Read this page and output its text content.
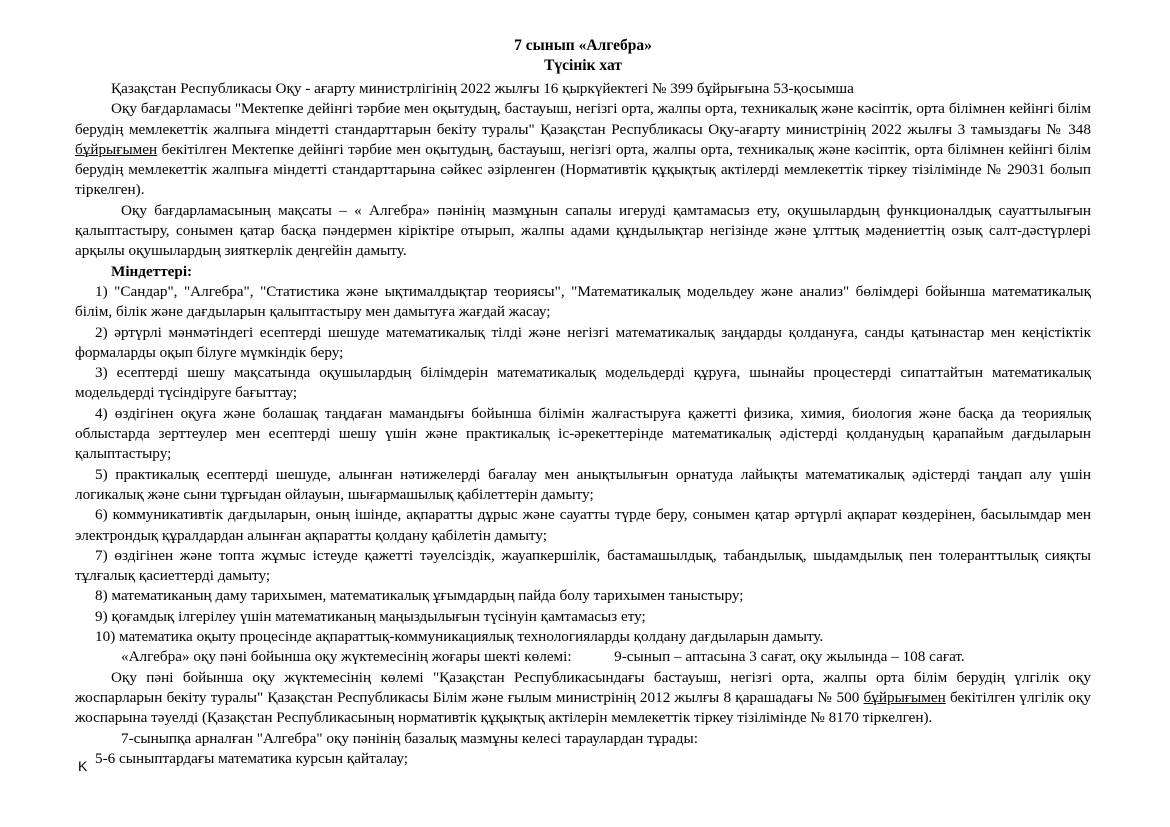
7 сынып «Алгебра»
Түсінік хат

Қазақстан Республикасы Оқу - ағарту министрлігінің 2022 жылғы 16 қыркүйектегі № 399 бұйрығына 53-қосымша

Оқу бағдарламасы "Мектепке дейінгі тәрбие мен оқытудың, бастауыш, негізгі орта, жалпы орта, техникалық және кәсіптік, орта білімнен кейінгі білім берудің мемлекеттік жалпыға міндетті стандарттарын бекіту туралы" Қазақстан Республикасы Оқу-ағарту министрінің 2022 жылғы 3 тамыздағы № 348 бұйрығымен бекітілген Мектепке дейінгі тәрбие мен оқытудың, бастауыш, негізгі орта, жалпы орта, техникалық және кәсіптік, орта білімнен кейінгі білім берудің мемлекеттік жалпыға міндетті стандарттарына сәйкес әзірленген (Нормативтік құқықтық актілерді мемлекеттік тіркеу тізілімінде № 29031 болып тіркелген).

Оқу бағдарламасының мақсаты – « Алгебра» пәнінің мазмұнын сапалы игеруді қамтамасыз ету, оқушылардың функционалдық сауаттылығын қалыптастыру, сонымен қатар басқа пәндермен кіріктіре отырып, жалпы адами құндылықтар негізінде және ұлттық мәдениеттің озық салт-дәстүрлері арқылы оқушылардың зияткерлік деңгейін дамыту.

Міндеттері:

1) "Сандар", "Алгебра", "Статистика және ықтималдықтар теориясы", "Математикалық модельдеу және анализ" бөлімдері бойынша математикалық білім, білік және дағдыларын қалыптастыру мен дамытуға жағдай жасау;

2) әртүрлі мәнмәтіндегі есептерді шешуде математикалық тілді және негізгі математикалық заңдарды қолдануға, санды қатынастар мен кеңістіктік формаларды оқып білуге мүмкіндік беру;

3) есептерді шешу мақсатында оқушылардың білімдерін математикалық модельдерді құруға, шынайы процестерді сипаттайтын математикалық модельдерді түсіндіруге бағыттау;

4) өздігінен оқуға және болашақ таңдаған мамандығы бойынша білімін жалғастыруға қажетті физика, химия, биология және басқа да теориялық облыстарда зерттеулер мен есептерді шешу үшін және практикалық іс-әрекеттерінде математикалық әдістерді қолданудың қарапайым дағдыларын қалыптастыру;

5) практикалық есептерді шешуде, алынған нәтижелерді бағалау мен анықтылығын орнатуда лайықты математикалық әдістерді таңдап алу үшін логикалық және сыни тұрғыдан ойлауын, шығармашылық қабілеттерін дамыту;

6) коммуникативтік дағдыларын, оның ішінде, ақпаратты дұрыс және сауатты түрде беру, сонымен қатар әртүрлі ақпарат көздерінен, басылымдар мен электрондық құралдардан алынған ақпаратты қолдану қабілетін дамыту;

7) өздігінен және топта жұмыс істеуде қажетті тәуелсіздік, жауапкершілік, бастамашылдық, табандылық, шыдамдылық пен толеранттылық сияқты тұлғалық қасиеттерді дамыту;

8) математиканың даму тарихымен, математикалық ұғымдардың пайда болу тарихымен таныстыру;

9) қоғамдық ілгерілеу үшін математиканың маңыздылығын түсінуін қамтамасыз ету;

10) математика оқыту процесінде ақпараттық-коммуникациялық технологияларды қолдану дағдыларын дамыту.

«Алгебра» оқу пәні бойынша оқу жүктемесінің жоғары шекті көлемі:		9-сынып – аптасына 3 сағат, оқу жылында – 108 сағат.

Оқу пәні бойынша оқу жүктемесінің көлемі "Қазақстан Республикасындағы бастауыш, негізгі орта, жалпы орта білім берудің үлгілік оқу жоспарларын бекіту туралы" Қазақстан Республикасы Білім және ғылым министрінің 2012 жылғы 8 қарашадағы № 500 бұйрығымен бекітілген үлгілік оқу жоспарына тәуелді (Қазақстан Республикасының нормативтік құқықтық актілерін мемлекеттік тіркеу тізілімінде № 8170 тіркелген).

7-сыныпқа арналған "Алгебра" оқу пәнінің базалық мазмұны келесі тараулардан тұрады:

5-6 сыныптардағы математика курсын қайталау;

K
